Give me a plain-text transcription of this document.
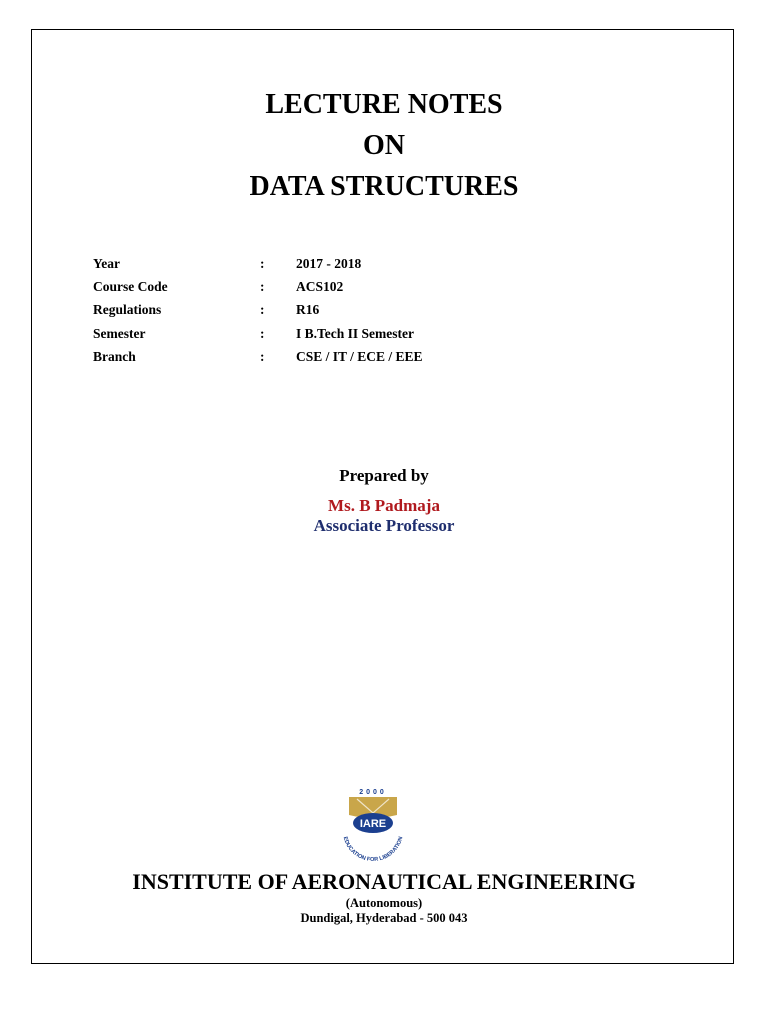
LECTURE NOTES
ON
DATA STRUCTURES
Year	: 2017 - 2018
Course Code	: ACS102
Regulations	: R16
Semester	: I B.Tech II Semester
Branch	: CSE / IT / ECE / EEE
Prepared by
Ms. B Padmaja
Associate Professor
2000
IARE
EDUCATION FOR LIBERATION
INSTITUTE OF AERONAUTICAL ENGINEERING
(Autonomous)
Dundigal, Hyderabad - 500 043
